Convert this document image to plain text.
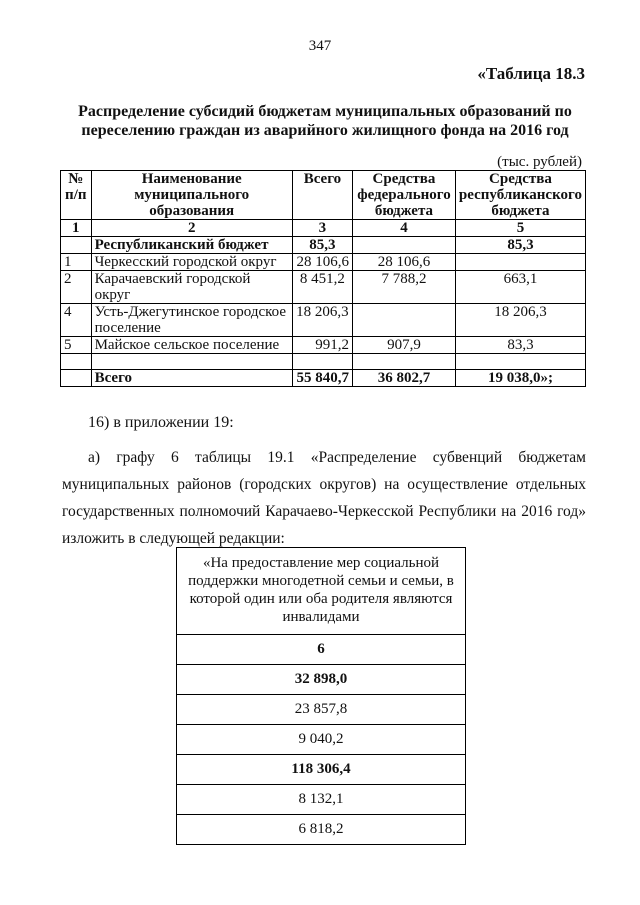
347
«Таблица 18.3
Распределение субсидий бюджетам муниципальных образований по переселению граждан из аварийного жилищного фонда на 2016 год
(тыс. рублей)
№ п/п	Наименование муниципального образования	Всего	Средства федерального бюджета	Средства республиканского бюджета
1	2	3	4	5
	Республиканский бюджет	85,3		85,3
1	Черкесский городской округ	28 106,6	28 106,6	
2	Карачаевский городской округ	8 451,2	7 788,2	663,1
4	Усть-Джегутинское городское поселение	18 206,3		18 206,3
5	Майское сельское поселение	991,2	907,9	83,3

	Всего	55 840,7	36 802,7	19 038,0»;
16) в приложении 19:
а) графу 6 таблицы 19.1 «Распределение субвенций бюджетам муниципальных районов (городских округов) на осуществление отдельных государственных полномочий Карачаево-Черкесской Республики на 2016 год» изложить в следующей редакции:
«На предоставление мер социальной поддержки многодетной семьи и семьи, в которой один или оба родителя являются инвалидами
6
32 898,0
23 857,8
9 040,2
118 306,4
8 132,1
6 818,2
